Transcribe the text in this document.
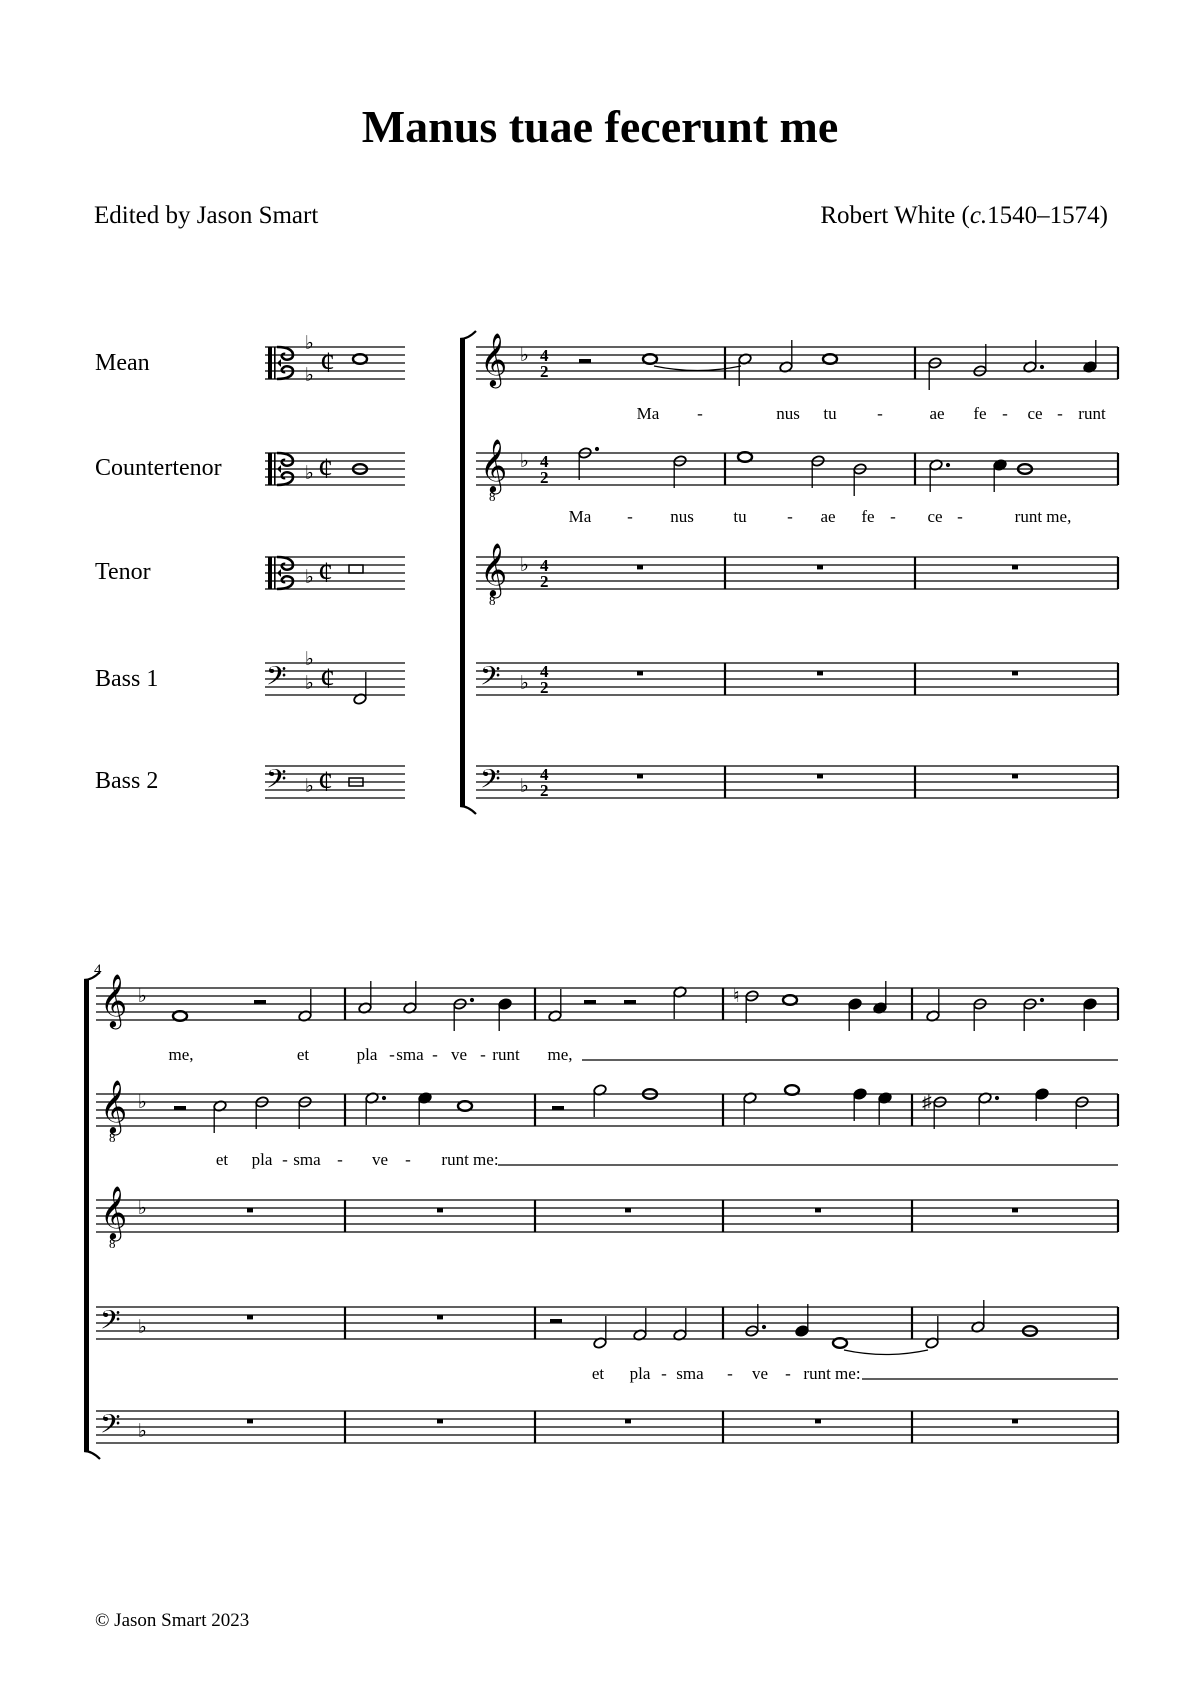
Manus tuae fecerunt me
Edited by Jason Smart	Robert White (c.1540–1574)
Mean
Countertenor
Tenor
Bass 1
Bass 2
♭
♭ ¢
♭ ¢
♭ ¢
𝄢
♭
♭ ¢
𝄢 ♭ ¢
𝄞 ♭ 4
2
𝄞
8
♭ 4
2
𝄞
8
♭ 4
2
𝄢 ♭
4
2
𝄢 ♭
4
2
Ma -	nus tu -	ae fe - ce - runt
Ma - nus tu - ae fe - ce -	runt me,
4
𝄞 ♭
𝄞
8
♭
𝄞
8
♭
𝄢 ♭
𝄢 ♭
♮
♯
me,	et	pla - sma - ve - runt me,
et pla - sma - ve - runt me:
et pla - sma - ve - runt me:
© Jason Smart 2023
